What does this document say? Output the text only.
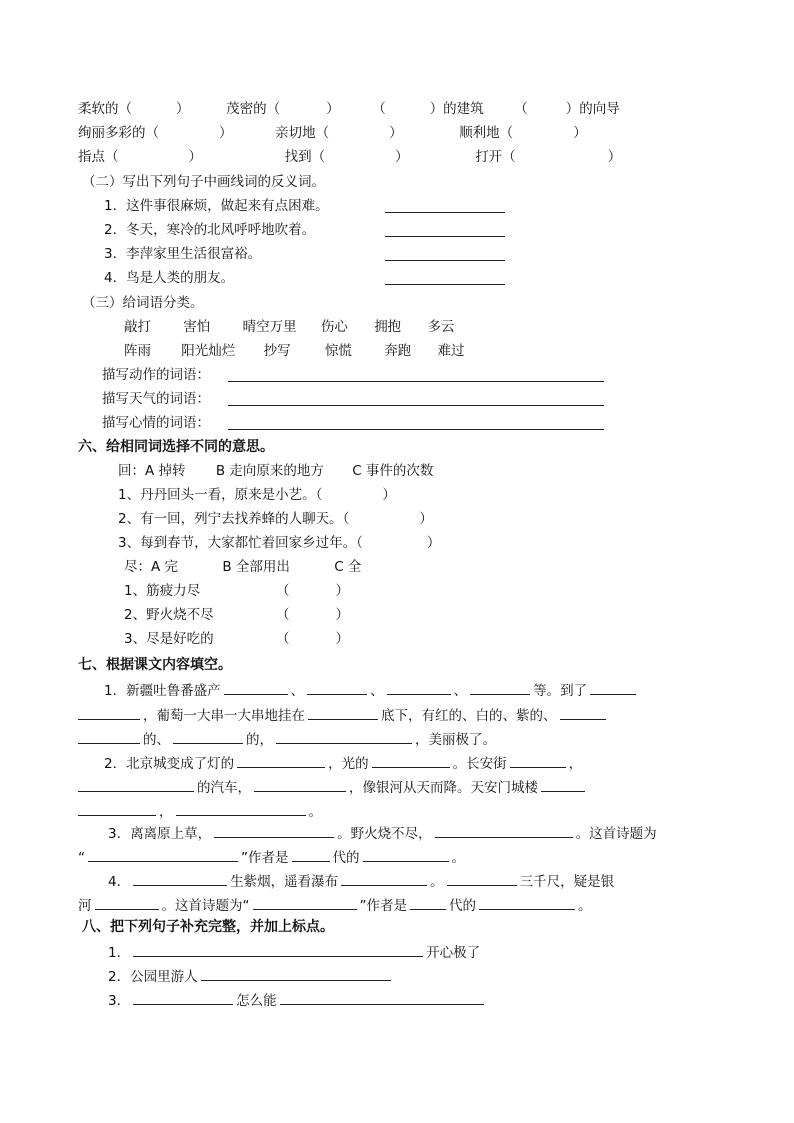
柔软的（	）	茂密的（	） （	）的建筑 （	）的向导
绚丽多彩的（	）	亲切地（	）	顺利地（	）
指点（	）	找到（	）	打开（	）
（二）写出下列句子中画线词的反义词。
1．这件事很麻烦，做起来有点困难。
2．冬天，寒冷的北风呼呼地吹着。
3．李萍家里生活很富裕。
4．鸟是人类的朋友。
（三）给词语分类。
敲打 害怕 晴空万里 伤心 拥抱 多云
阵雨 阳光灿烂 抄写	惊慌 奔跑 难过
描写动作的词语：
描写天气的词语：
描写心情的词语：
六、给相同词选择不同的意思。
回：A 掉转 B 走向原来的地方 C 事件的次数
1、丹丹回头一看，原来是小艺。（	）
2、有一回，列宁去找养蜂的人聊天。（	）
3、每到春节，大家都忙着回家乡过年。（	）
尽：A 完	B 全部用出	C 全
1、筋疲力尽	（	）
2、野火烧不尽	（	）
3、尽是好吃的	（	）
七、根据课文内容填空。
1．新疆吐鲁番盛产	、	、	、	等。到了
，葡萄一大串一大串地挂在	底下，有红的、白的、紫的、
的、	的，	，美丽极了。
2．北京城变成了灯的	，光的	。长安街	，
的汽车，	，像银河从天而降。天安门城楼
，	。
3．离离原上草，	。野火烧不尽，	。这首诗题为
“	”作者是	代的	。
4．	生紫烟，遥看瀑布	。	三千尺，疑是银
河	。这首诗题为“	”作者是	代的	。
八、把下列句子补充完整，并加上标点。
1．	开心极了
2．公园里游人
3．	怎么能
